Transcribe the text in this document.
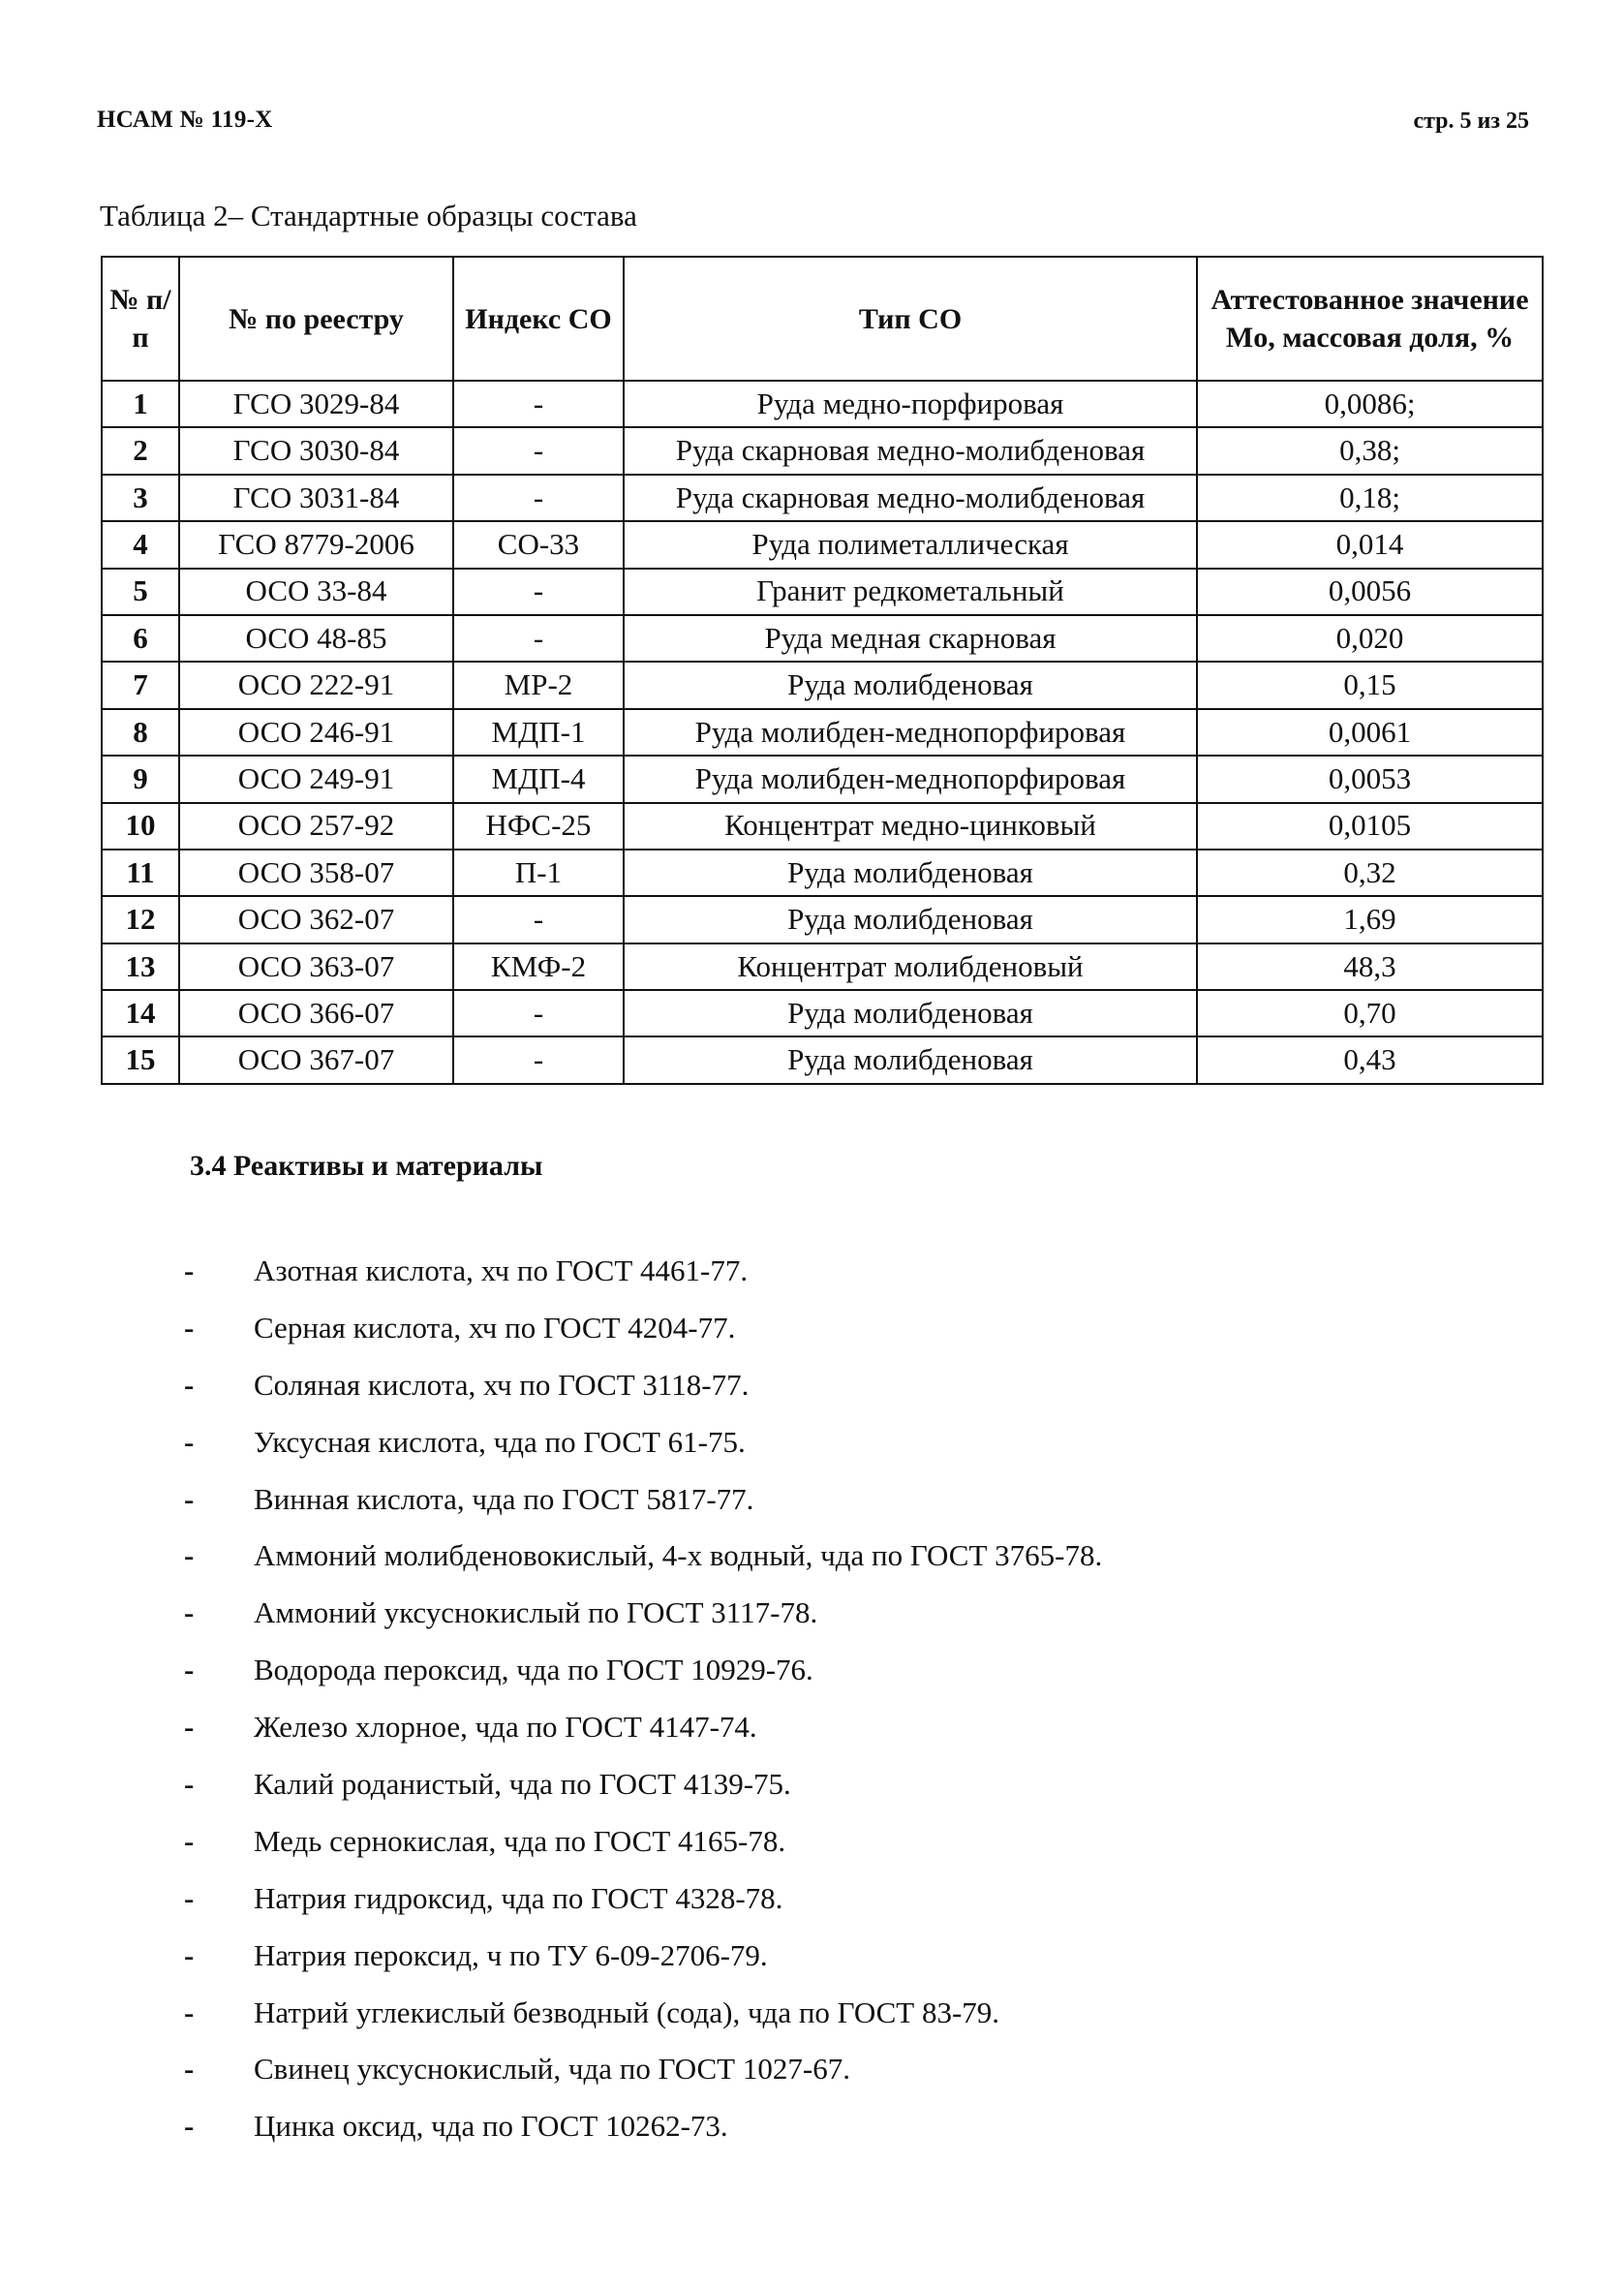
НСАМ № 119-Х	стр. 5 из 25
Таблица 2– Стандартные образцы состава
№ п/п	№ по реестру	Индекс СО	Тип СО	Аттестованное значение Mo, массовая доля, %
1	ГСО 3029-84	-	Руда медно-порфировая	0,0086;
2	ГСО 3030-84	-	Руда скарновая медно-молибденовая	0,38;
3	ГСО 3031-84	-	Руда скарновая медно-молибденовая	0,18;
4	ГСО 8779-2006	СО-33	Руда полиметаллическая	0,014
5	ОСО 33-84	-	Гранит редкометальный	0,0056
6	ОСО 48-85	-	Руда медная скарновая	0,020
7	ОСО 222-91	МР-2	Руда молибденовая	0,15
8	ОСО 246-91	МДП-1	Руда молибден-меднопорфировая	0,0061
9	ОСО 249-91	МДП-4	Руда молибден-меднопорфировая	0,0053
10	ОСО 257-92	НФС-25	Концентрат медно-цинковый	0,0105
11	ОСО 358-07	П-1	Руда молибденовая	0,32
12	ОСО 362-07	-	Руда молибденовая	1,69
13	ОСО 363-07	КМФ-2	Концентрат молибденовый	48,3
14	ОСО 366-07	-	Руда молибденовая	0,70
15	ОСО 367-07	-	Руда молибденовая	0,43
3.4 Реактивы и материалы
-	Азотная кислота, хч по ГОСТ 4461-77.
-	Серная кислота, хч по ГОСТ 4204-77.
-	Соляная кислота, хч по ГОСТ 3118-77.
-	Уксусная кислота, чда по ГОСТ 61-75.
-	Винная кислота, чда по ГОСТ 5817-77.
-	Аммоний молибденовокислый, 4-х водный, чда по ГОСТ 3765-78.
-	Аммоний уксуснокислый по ГОСТ 3117-78.
-	Водорода пероксид, чда по ГОСТ 10929-76.
-	Железо хлорное, чда по ГОСТ 4147-74.
-	Калий роданистый, чда по ГОСТ 4139-75.
-	Медь сернокислая, чда по ГОСТ 4165-78.
-	Натрия гидроксид, чда по ГОСТ 4328-78.
-	Натрия пероксид, ч по ТУ 6-09-2706-79.
-	Натрий углекислый безводный (сода), чда по ГОСТ 83-79.
-	Свинец уксуснокислый, чда по ГОСТ 1027-67.
-	Цинка оксид, чда по ГОСТ 10262-73.
